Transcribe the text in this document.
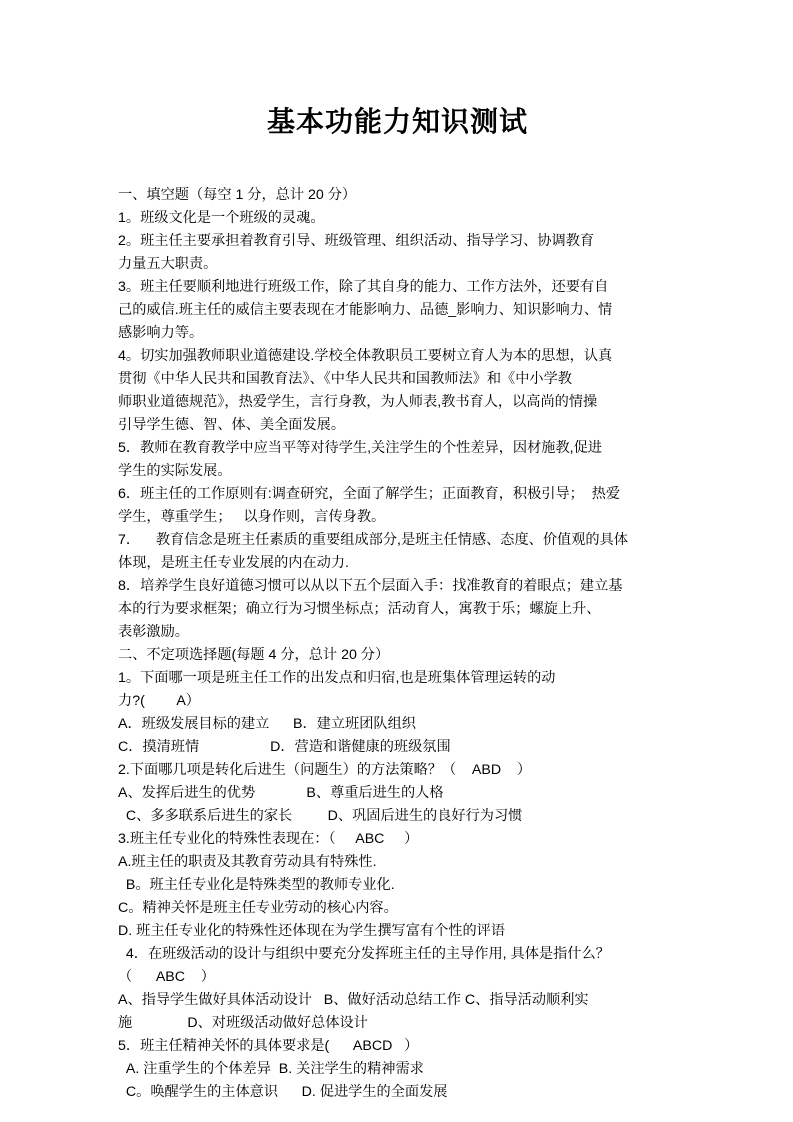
基本功能力知识测试

一、填空题（每空 1 分，总计 20 分）

1。班级文化是一个班级的灵魂。

2。班主任主要承担着教育引导、班级管理、组织活动、指导学习、协调教育

力量五大职责。

3。班主任要顺利地进行班级工作，除了其自身的能力、工作方法外，还要有自

己的威信.班主任的威信主要表现在才能影响力、品德_影响力、知识影响力、情

感影响力等。

4。切实加强教师职业道德建设.学校全体教职员工要树立育人为本的思想，认真

贯彻《中华人民共和国教育法》、《中华人民共和国教师法》和《中小学教

师职业道德规范》，热爱学生，言行身教，为人师表,教书育人，以高尚的情操

引导学生德、智、体、美全面发展。

5．教师在教育教学中应当平等对待学生,关注学生的个性差异，因材施教,促进

学生的实际发展。

6．班主任的工作原则有:调查研究，全面了解学生；正面教育，积极引导；  热爱

学生，尊重学生；   以身作则，言传身教。

7．    教育信念是班主任素质的重要组成部分,是班主任情感、态度、价值观的具体

体现，是班主任专业发展的内在动力.

8．培养学生良好道德习惯可以从以下五个层面入手：找准教育的着眼点；建立基

本的行为要求框架；确立行为习惯坐标点；活动育人，寓教于乐；螺旋上升、

表彰激励。

二、不定项选择题(每题 4 分，总计 20 分）

1。下面哪一项是班主任工作的出发点和归宿,也是班集体管理运转的动

力?(        A）

A．班级发展目标的建立      B．建立班团队组织

C．摸清班情                  D．营造和谐健康的班级氛围

2.下面哪几项是转化后进生（问题生）的方法策略？（    ABD    ）

A、发挥后进生的优势             B、尊重后进生的人格

C、多多联系后进生的家长         D、巩固后进生的良好行为习惯

3.班主任专业化的特殊性表现在：（     ABC     ）

A.班主任的职责及其教育劳动具有特殊性.

B。班主任专业化是特殊类型的教师专业化.

C。精神关怀是班主任专业劳动的核心内容。

D. 班主任专业化的特殊性还体现在为学生撰写富有个性的评语

4．在班级活动的设计与组织中要充分发挥班主任的主导作用, 具体是指什么？

（      ABC    ）

A、指导学生做好具体活动设计   B、做好活动总结工作 C、指导活动顺利实

施              D、对班级活动做好总体设计

5．班主任精神关怀的具体要求是(      ABCD   ）

A. 注重学生的个体差异  B. 关注学生的精神需求

C。唤醒学生的主体意识      D. 促进学生的全面发展
